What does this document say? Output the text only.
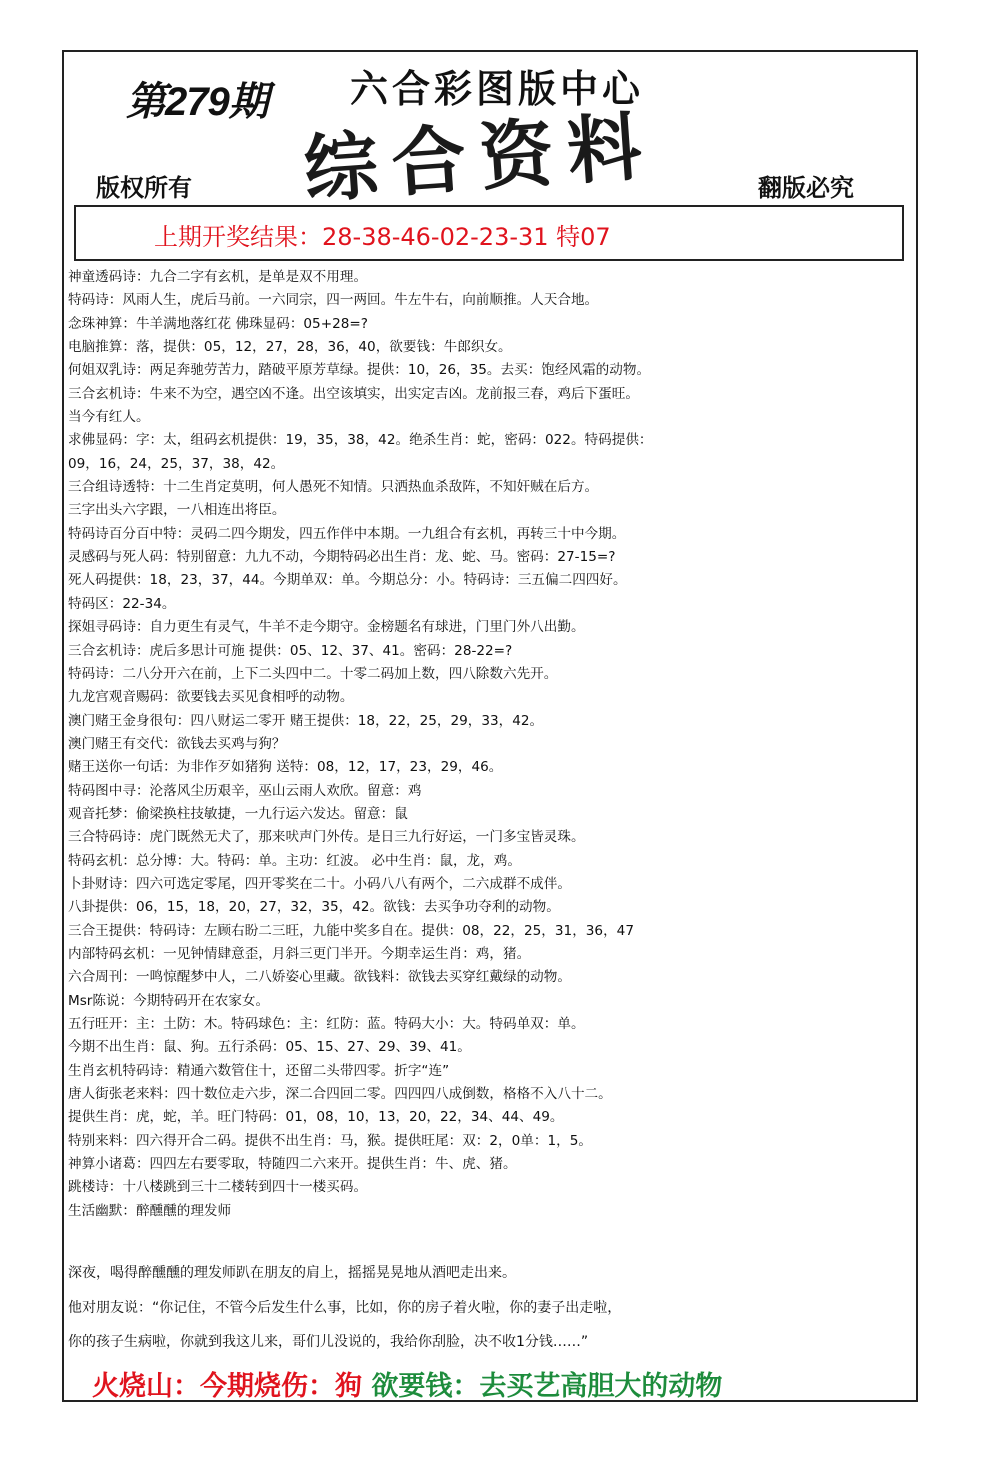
第279期 六合彩图版中心
综合资料
版权所有	翻版必究
上期开奖结果：28-38-46-02-23-31 特07
神童透码诗：九合二字有玄机，是单是双不用理。
特码诗：风雨人生，虎后马前。一六同宗，四一两回。牛左牛右，向前顺推。人天合地。
念珠神算：牛羊满地落红花 佛珠显码：05+28=?
电脑推算：落，提供：05，12，27，28，36，40，欲要钱：牛郎织女。
何姐双乳诗：两足奔驰劳苦力，踏破平原芳草绿。提供：10，26，35。去买：饱经风霜的动物。
三合玄机诗：牛来不为空，遇空凶不逢。出空该填实，出实定吉凶。龙前报三春，鸡后下蛋旺。
当今有红人。
求佛显码：字：太，组码玄机提供：19，35，38，42。绝杀生肖：蛇，密码：022。特码提供：
09，16，24，25，37，38，42。
三合组诗透特：十二生肖定莫明，何人愚死不知情。只洒热血杀敌阵，不知奸贼在后方。
三字出头六字跟，一八相连出将臣。
特码诗百分百中特：灵码二四今期发，四五作伴中本期。一九组合有玄机，再转三十中今期。
灵感码与死人码：特别留意：九九不动，今期特码必出生肖：龙、蛇、马。密码：27-15=?
死人码提供：18，23，37，44。今期单双：单。今期总分：小。特码诗：三五偏二四四好。
特码区：22-34。
探姐寻码诗：自力更生有灵气，牛羊不走今期守。金榜题名有球进，门里门外八出勤。
三合玄机诗：虎后多思计可施 提供：05、12、37、41。密码：28-22=?
特码诗：二八分开六在前，上下二头四中二。十零二码加上数，四八除数六先开。
九龙宫观音赐码：欲要钱去买见食相呼的动物。
澳门赌王金身很句：四八财运二零开 赌王提供：18，22，25，29，33，42。
澳门赌王有交代：欲钱去买鸡与狗？
赌王送你一句话：为非作歹如猪狗 送特：08，12，17，23，29，46。
特码图中寻：沦落风尘历艰辛，巫山云雨人欢欣。留意：鸡
观音托梦：偷梁换柱技敏捷，一九行运六发达。留意：鼠
三合特码诗：虎门既然无犬了，那来吠声门外传。是日三九行好运，一门多宝皆灵珠。
特码玄机：总分博：大。特码：单。主功：红波。 必中生肖：鼠，龙，鸡。
卜卦财诗：四六可选定零尾，四开零奖在二十。小码八八有两个，二六成群不成伴。
八卦提供：06，15，18，20，27，32，35，42。欲钱：去买争功夺利的动物。
三合王提供：特码诗：左顾右盼二三旺，九能中奖多自在。提供：08，22，25，31，36，47
内部特码玄机：一见钟情肆意歪，月斜三更门半开。今期幸运生肖：鸡，猪。
六合周刊：一鸣惊醒梦中人，二八娇姿心里藏。欲钱料：欲钱去买穿红戴绿的动物。
Msr陈说：今期特码开在农家女。
五行旺开：主：土防：木。特码球色：主：红防：蓝。特码大小：大。特码单双：单。
今期不出生肖：鼠、狗。五行杀码：05、15、27、29、39、41。
生肖玄机特码诗：精通六数管住十，还留二头带四零。折字“连”
唐人街张老来料：四十数位走六步，深二合四回二零。四四四八成倒数，格格不入八十二。
提供生肖：虎，蛇，羊。旺门特码：01，08，10，13，20，22，34、44、49。
特别来料：四六得开合二码。提供不出生肖：马，猴。提供旺尾：双：2，0单：1，5。
神算小诸葛：四四左右要零取，特随四二六来开。提供生肖：牛、虎、猪。
跳楼诗：十八楼跳到三十二楼转到四十一楼买码。
生活幽默：醉醺醺的理发师
深夜，喝得醉醺醺的理发师趴在朋友的肩上，摇摇晃晃地从酒吧走出来。
他对朋友说：“你记住，不管今后发生什么事，比如，你的房子着火啦，你的妻子出走啦，
你的孩子生病啦，你就到我这儿来，哥们儿没说的，我给你刮脸，决不收1分钱……”
火烧山：今期烧伤：狗 欲要钱：去买艺高胆大的动物
